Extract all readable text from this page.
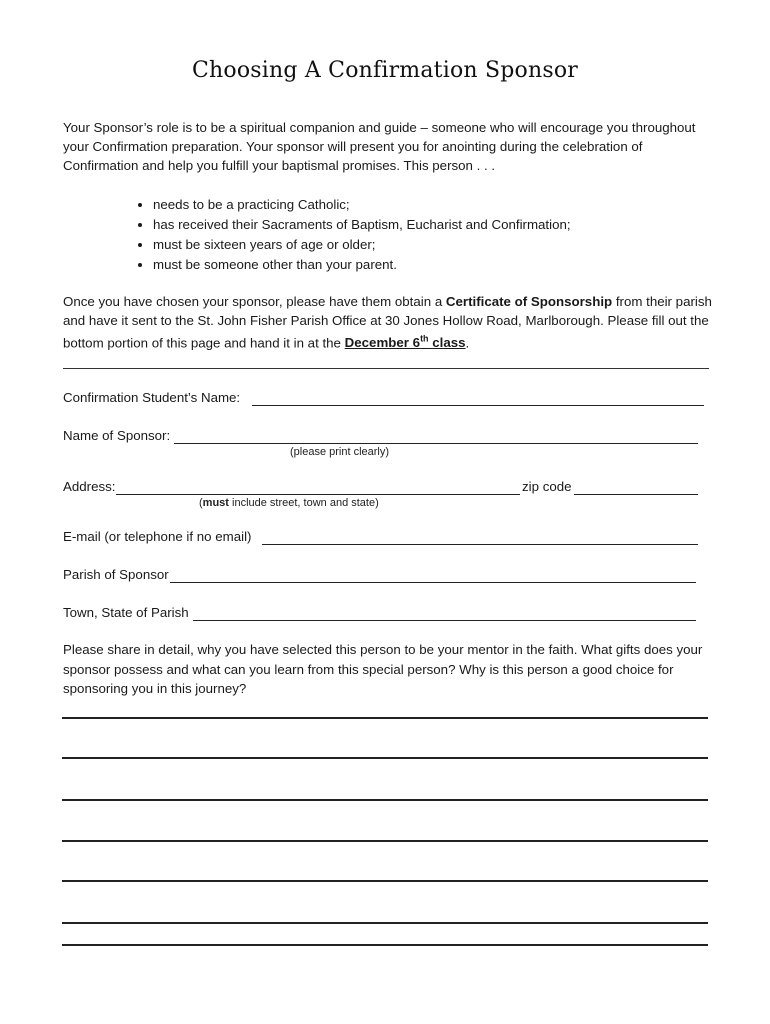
Choosing A Confirmation Sponsor
Your Sponsor’s role is to be a spiritual companion and guide – someone who will encourage you throughout your Confirmation preparation. Your sponsor will present you for anointing during the celebration of Confirmation and help you fulfill your baptismal promises. This person . . .
• needs to be a practicing Catholic;
• has received their Sacraments of Baptism, Eucharist and Confirmation;
• must be sixteen years of age or older;
• must be someone other than your parent.
Once you have chosen your sponsor, please have them obtain a Certificate of Sponsorship from their parish and have it sent to the St. John Fisher Parish Office at 30 Jones Hollow Road, Marlborough. Please fill out the bottom portion of this page and hand it in at the December 6th class.
Confirmation Student’s Name:
Name of Sponsor:
(please print clearly)
Address:	zip code
(must include street, town and state)
E-mail (or telephone if no email)
Parish of Sponsor
Town, State of Parish
Please share in detail, why you have selected this person to be your mentor in the faith. What gifts does your sponsor possess and what can you learn from this special person? Why is this person a good choice for sponsoring you in this journey?
